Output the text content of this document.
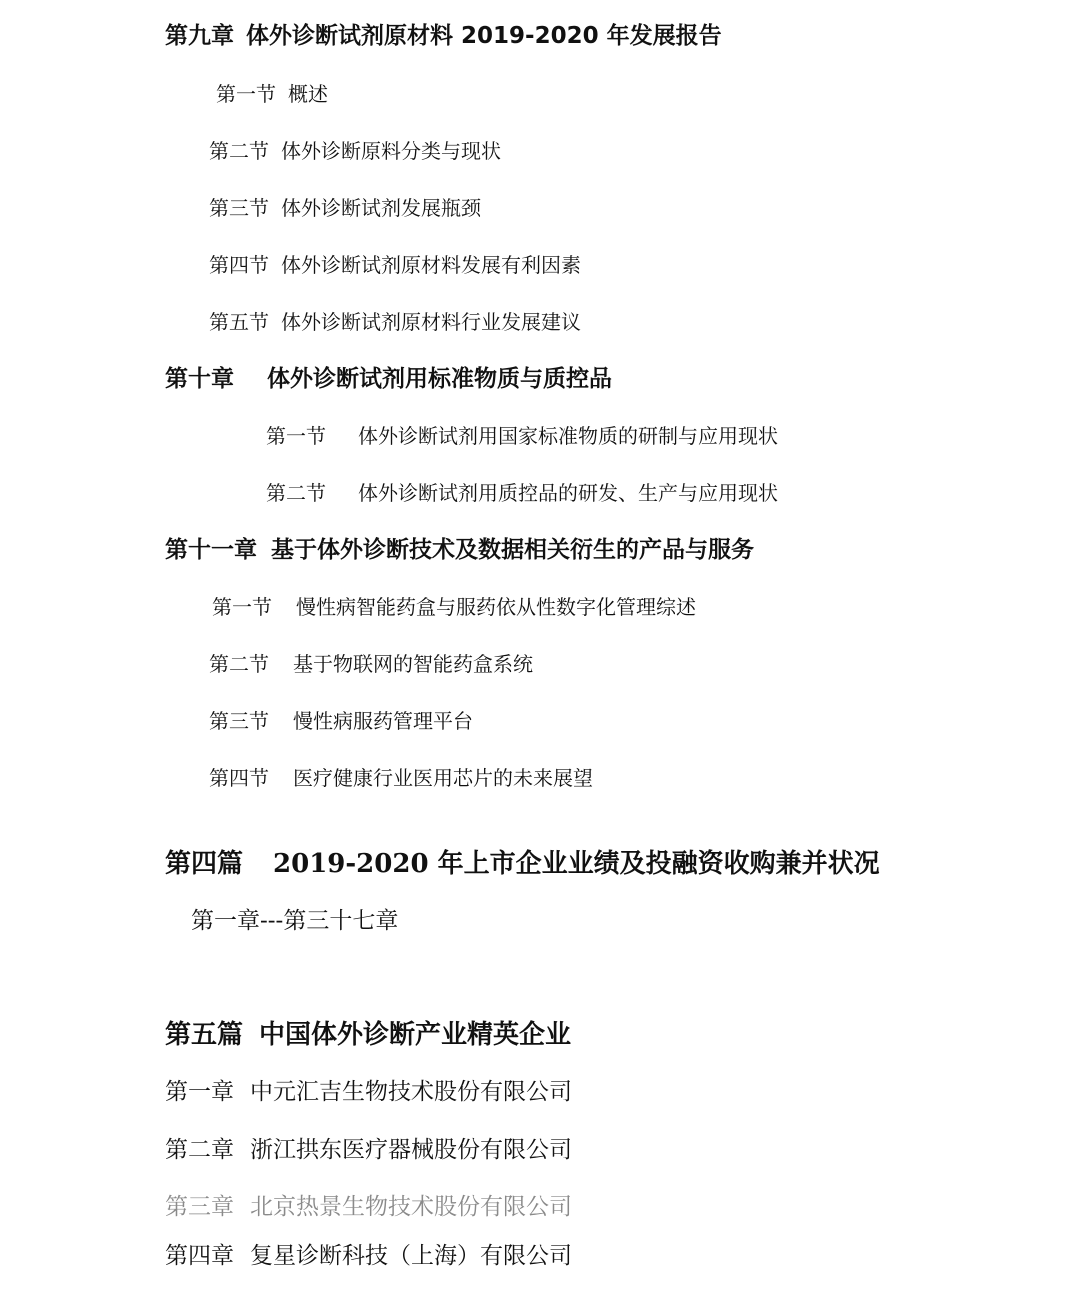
第九章 体外诊断试剂原材料 2019-2020 年发展报告
第一节 概述
第二节 体外诊断原料分类与现状
第三节 体外诊断试剂发展瓶颈
第四节 体外诊断试剂原材料发展有利因素
第五节 体外诊断试剂原材料行业发展建议
第十章 体外诊断试剂用标准物质与质控品
第一节 体外诊断试剂用国家标准物质的研制与应用现状
第二节 体外诊断试剂用质控品的研发、生产与应用现状
第十一章 基于体外诊断技术及数据相关衍生的产品与服务
第一节 慢性病智能药盒与服药依从性数字化管理综述
第二节 基于物联网的智能药盒系统
第三节 慢性病服药管理平台
第四节 医疗健康行业医用芯片的未来展望
第四篇 2019-2020 年上市企业业绩及投融资收购兼并状况
第一章---第三十七章
第五篇 中国体外诊断产业精英企业
第一章 中元汇吉生物技术股份有限公司
第二章 浙江拱东医疗器械股份有限公司
第三章 北京热景生物技术股份有限公司
第四章 复星诊断科技（上海）有限公司
